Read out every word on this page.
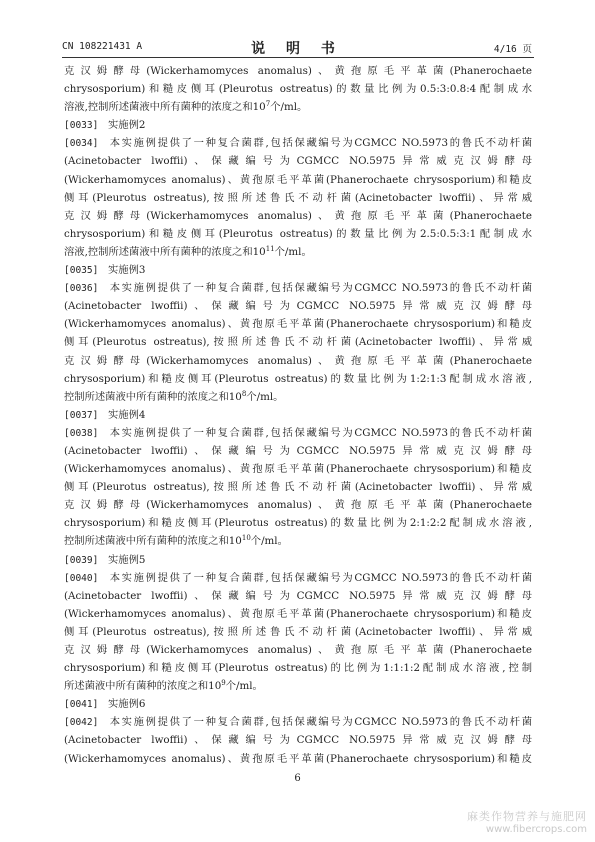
CN 108221431 A	说 明 书	4/16 页
克汉姆酵母(Wickerhamomyces anomalus)、黄孢原毛平革菌(Phanerochaete
chrysosporium)和糙皮侧耳(Pleurotus ostreatus)的数量比例为0.5:3:0.8:4配制成水
溶液,控制所述菌液中所有菌种的浓度之和$10^7$个/ml。
[0033] 实施例2
[0034] 本实施例提供了一种复合菌群,包括保藏编号为CGMCC NO.5973的鲁氏不动杆菌
(Acinetobacter lwoffii)、保藏编号为CGMCC NO.5975异常威克汉姆酵母
(Wickerhamomyces anomalus)、黄孢原毛平革菌(Phanerochaete chrysosporium)和糙皮
侧耳(Pleurotus ostreatus),按照所述鲁氏不动杆菌(Acinetobacter lwoffii)、异常威
克汉姆酵母(Wickerhamomyces anomalus)、黄孢原毛平革菌(Phanerochaete
chrysosporium)和糙皮侧耳(Pleurotus ostreatus)的数量比例为2.5:0.5:3:1配制成水
溶液,控制所述菌液中所有菌种的浓度之和$10^{11}$个/ml。
[0035] 实施例3
[0036] 本实施例提供了一种复合菌群,包括保藏编号为CGMCC NO.5973的鲁氏不动杆菌
(Acinetobacter lwoffii)、保藏编号为CGMCC NO.5975异常威克汉姆酵母
(Wickerhamomyces anomalus)、黄孢原毛平革菌(Phanerochaete chrysosporium)和糙皮
侧耳(Pleurotus ostreatus),按照所述鲁氏不动杆菌(Acinetobacter lwoffii)、异常威
克汉姆酵母(Wickerhamomyces anomalus)、黄孢原毛平革菌(Phanerochaete
chrysosporium)和糙皮侧耳(Pleurotus ostreatus)的数量比例为1:2:1:3配制成水溶液,
控制所述菌液中所有菌种的浓度之和$10^8$个/ml。
[0037] 实施例4
[0038] 本实施例提供了一种复合菌群,包括保藏编号为CGMCC NO.5973的鲁氏不动杆菌
(Acinetobacter lwoffii)、保藏编号为CGMCC NO.5975异常威克汉姆酵母
(Wickerhamomyces anomalus)、黄孢原毛平革菌(Phanerochaete chrysosporium)和糙皮
侧耳(Pleurotus ostreatus),按照所述鲁氏不动杆菌(Acinetobacter lwoffii)、异常威
克汉姆酵母(Wickerhamomyces anomalus)、黄孢原毛平革菌(Phanerochaete
chrysosporium)和糙皮侧耳(Pleurotus ostreatus)的数量比例为2:1:2:2配制成水溶液,
控制所述菌液中所有菌种的浓度之和$10^{10}$个/ml。
[0039] 实施例5
[0040] 本实施例提供了一种复合菌群,包括保藏编号为CGMCC NO.5973的鲁氏不动杆菌
(Acinetobacter lwoffii)、保藏编号为CGMCC NO.5975异常威克汉姆酵母
(Wickerhamomyces anomalus)、黄孢原毛平革菌(Phanerochaete chrysosporium)和糙皮
侧耳(Pleurotus ostreatus),按照所述鲁氏不动杆菌(Acinetobacter lwoffii)、异常威
克汉姆酵母(Wickerhamomyces anomalus)、黄孢原毛平革菌(Phanerochaete
chrysosporium)和糙皮侧耳(Pleurotus ostreatus)的比例为1:1:1:2配制成水溶液,控制
所述菌液中所有菌种的浓度之和$10^9$个/ml。
[0041] 实施例6
[0042] 本实施例提供了一种复合菌群,包括保藏编号为CGMCC NO.5973的鲁氏不动杆菌
(Acinetobacter lwoffii)、保藏编号为CGMCC NO.5975异常威克汉姆酵母
(Wickerhamomyces anomalus)、黄孢原毛平革菌(Phanerochaete chrysosporium)和糙皮
6
麻类作物营养与施肥网
www.fibercrops.com
